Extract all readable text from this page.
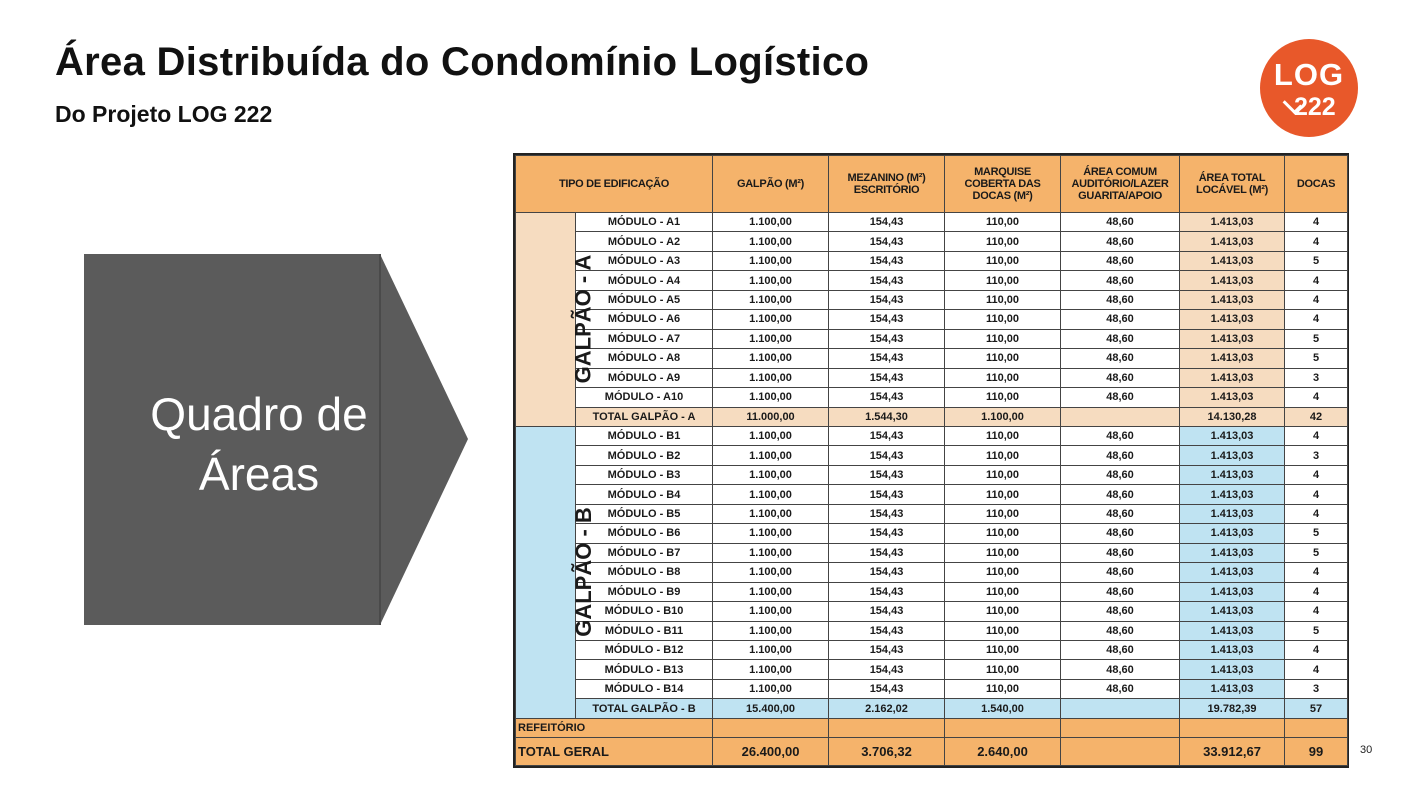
Área Distribuída do Condomínio Logístico
Do Projeto LOG 222
LOG
222
Quadro de
Áreas
TIPO DE EDIFICAÇÃO		GALPÃO (M²)	MEZANINO (M²) ESCRITÓRIO	MARQUISE COBERTA DAS DOCAS (M²)	ÁREA COMUM AUDITÓRIO/LAZER GUARITA/APOIO	ÁREA TOTAL LOCÁVEL (M²)	DOCAS
GALPÃO - A	MÓDULO - A1	1.100,00	154,43	110,00	48,60	1.413,03	4
	MÓDULO - A2	1.100,00	154,43	110,00	48,60	1.413,03	4
	MÓDULO - A3	1.100,00	154,43	110,00	48,60	1.413,03	5
	MÓDULO - A4	1.100,00	154,43	110,00	48,60	1.413,03	4
	MÓDULO - A5	1.100,00	154,43	110,00	48,60	1.413,03	4
	MÓDULO - A6	1.100,00	154,43	110,00	48,60	1.413,03	4
	MÓDULO - A7	1.100,00	154,43	110,00	48,60	1.413,03	5
	MÓDULO - A8	1.100,00	154,43	110,00	48,60	1.413,03	5
	MÓDULO - A9	1.100,00	154,43	110,00	48,60	1.413,03	3
	MÓDULO - A10	1.100,00	154,43	110,00	48,60	1.413,03	4
	TOTAL GALPÃO - A	11.000,00	1.544,30	1.100,00		14.130,28	42
GALPÃO - B	MÓDULO - B1	1.100,00	154,43	110,00	48,60	1.413,03	4
	MÓDULO - B2	1.100,00	154,43	110,00	48,60	1.413,03	3
	MÓDULO - B3	1.100,00	154,43	110,00	48,60	1.413,03	4
	MÓDULO - B4	1.100,00	154,43	110,00	48,60	1.413,03	4
	MÓDULO - B5	1.100,00	154,43	110,00	48,60	1.413,03	4
	MÓDULO - B6	1.100,00	154,43	110,00	48,60	1.413,03	5
	MÓDULO - B7	1.100,00	154,43	110,00	48,60	1.413,03	5
	MÓDULO - B8	1.100,00	154,43	110,00	48,60	1.413,03	4
	MÓDULO - B9	1.100,00	154,43	110,00	48,60	1.413,03	4
	MÓDULO - B10	1.100,00	154,43	110,00	48,60	1.413,03	4
	MÓDULO - B11	1.100,00	154,43	110,00	48,60	1.413,03	5
	MÓDULO - B12	1.100,00	154,43	110,00	48,60	1.413,03	4
	MÓDULO - B13	1.100,00	154,43	110,00	48,60	1.413,03	4
	MÓDULO - B14	1.100,00	154,43	110,00	48,60	1.413,03	3
	TOTAL GALPÃO - B	15.400,00	2.162,02	1.540,00		19.782,39	57
REFEITÓRIO							
TOTAL GERAL		26.400,00	3.706,32	2.640,00		33.912,67	99	30
